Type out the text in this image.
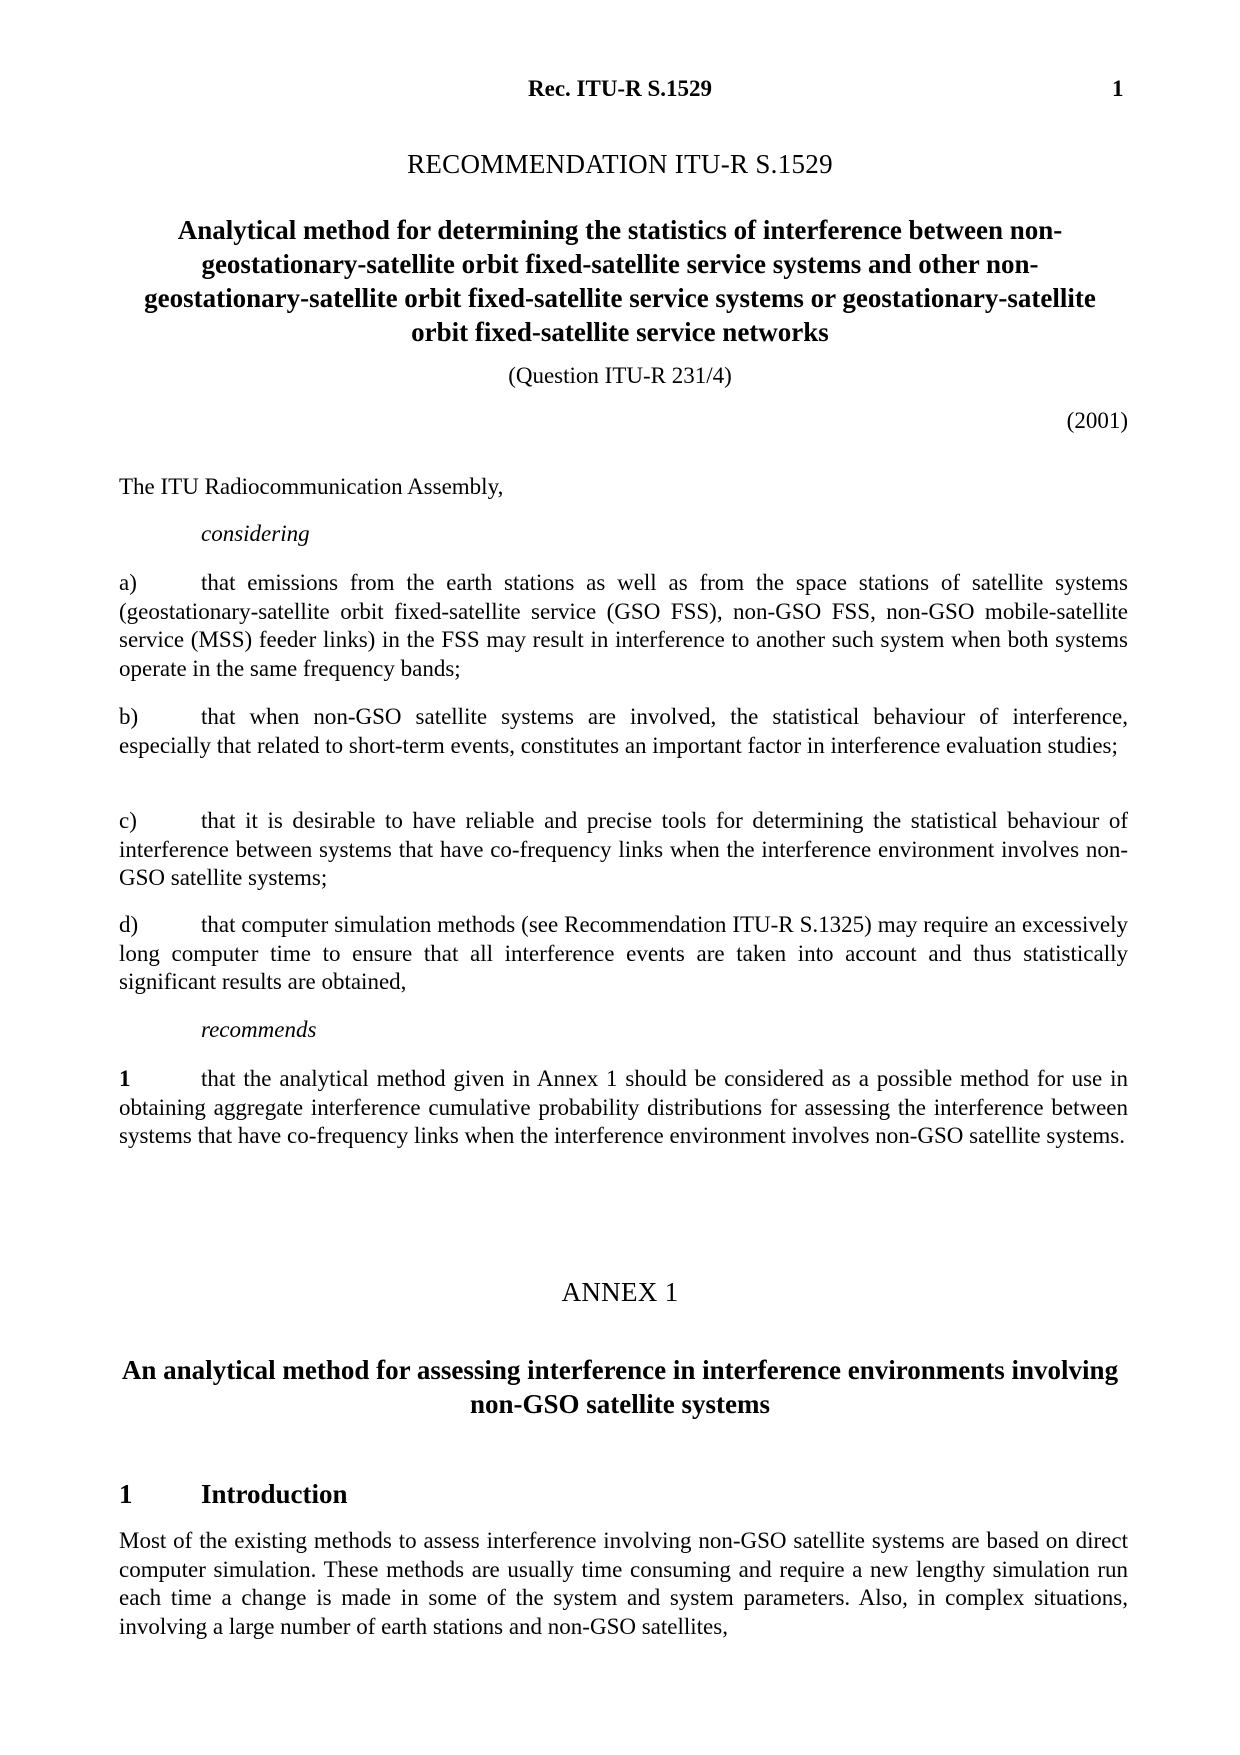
Rec. ITU-R S.1529	1
RECOMMENDATION ITU-R S.1529
Analytical method for determining the statistics of interference between non-geostationary-satellite orbit fixed-satellite service systems and other non-geostationary-satellite orbit fixed-satellite service systems or geostationary-satellite orbit fixed-satellite service networks
(Question ITU-R 231/4)
(2001)
The ITU Radiocommunication Assembly,
considering
a)	that emissions from the earth stations as well as from the space stations of satellite systems (geostationary-satellite orbit fixed-satellite service (GSO FSS), non-GSO FSS, non-GSO mobile-satellite service (MSS) feeder links) in the FSS may result in interference to another such system when both systems operate in the same frequency bands;
b)	that when non-GSO satellite systems are involved, the statistical behaviour of interference, especially that related to short-term events, constitutes an important factor in interference evaluation studies;
c)	that it is desirable to have reliable and precise tools for determining the statistical behaviour of interference between systems that have co-frequency links when the interference environment involves non-GSO satellite systems;
d)	that computer simulation methods (see Recommendation ITU-R S.1325) may require an excessively long computer time to ensure that all interference events are taken into account and thus statistically significant results are obtained,
recommends
1	that the analytical method given in Annex 1 should be considered as a possible method for use in obtaining aggregate interference cumulative probability distributions for assessing the interference between systems that have co-frequency links when the interference environment involves non-GSO satellite systems.
ANNEX 1
An analytical method for assessing interference in interference environments involving non-GSO satellite systems
1	Introduction
Most of the existing methods to assess interference involving non-GSO satellite systems are based on direct computer simulation. These methods are usually time consuming and require a new lengthy simulation run each time a change is made in some of the system and system parameters. Also, in complex situations, involving a large number of earth stations and non-GSO satellites,
